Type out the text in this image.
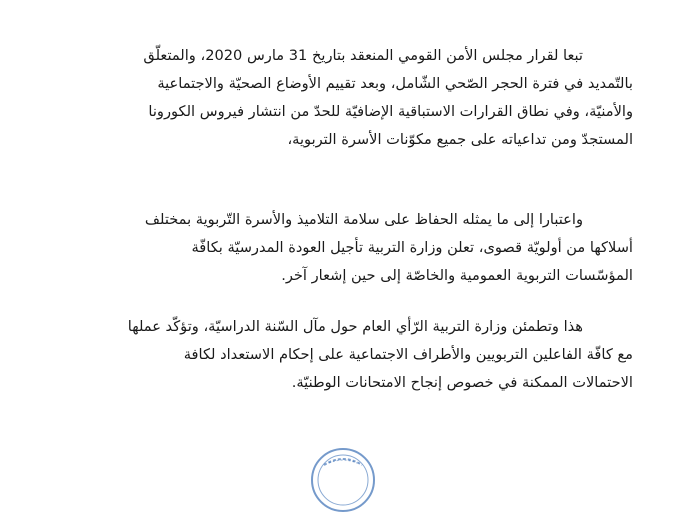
تبعا لقرار مجلس الأمن القومي المنعقد بتاريخ 31 مارس 2020، والمتعلّق
بالتّمديد في فترة الحجر الصّحي الشّامل، وبعد تقييم الأوضاع الصحيّة والاجتماعية
والأمنيّة، وفي نطاق القرارات الاستباقية الإضافيّة للحدّ من انتشار فيروس الكورونا
المستجدّ ومن تداعياته على جميع مكوّنات الأسرة التربوية،
واعتبارا إلى ما يمثله الحفاظ على سلامة التلاميذ والأسرة التّربوية بمختلف
أسلاكها من أولويّة قصوى، تعلن وزارة التربية تأجيل العودة المدرسيّة بكافّة
المؤسّسات التربوية العمومية والخاصّة إلى حين إشعار آخر.
هذا وتطمئن وزارة التربية الرّأي العام حول مآل السّنة الدراسيّة، وتؤكّد عملها
مع كافّة الفاعلين التربويين والأطراف الاجتماعية على إحكام الاستعداد لكافة
الاحتمالات الممكنة في خصوص إنجاح الامتحانات الوطنيّة.
